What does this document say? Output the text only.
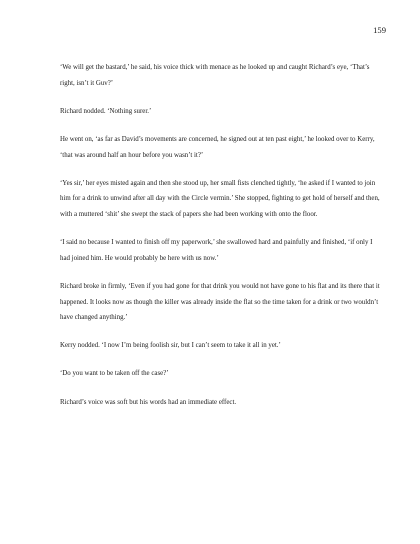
159

‘We will get the bastard,’ he said, his voice thick with menace as he looked up and caught Richard’s eye, ‘That’s right, isn’t it Guv?’

Richard nodded. ‘Nothing surer.’

He went on, ‘as far as David’s movements are concerned, he signed out at ten past eight,’ he looked over to Kerry, ‘that was around half an hour before you wasn’t it?’

‘Yes sir,’ her eyes misted again and then she stood up, her small fists clenched tightly, ‘he asked if I wanted to join him for a drink to unwind after all day with the Circle vermin.’ She stopped, fighting to get hold of herself and then, with a muttered ‘shit’ she swept the stack of papers she had been working with onto the floor.

‘I said no because I wanted to finish off my paperwork,’ she swallowed hard and painfully and finished, ‘if only I had joined him. He would probably be here with us now.’

Richard broke in firmly, ‘Even if you had gone for that drink you would not have gone to his flat and its there that it happened. It looks now as though the killer was already inside the flat so the time taken for a drink or two wouldn’t have changed anything.’

Kerry nodded. ‘I now I’m being foolish sir, but I can’t seem to take it all in yet.’

‘Do you want to be taken off the case?’

Richard’s voice was soft but his words had an immediate effect.
